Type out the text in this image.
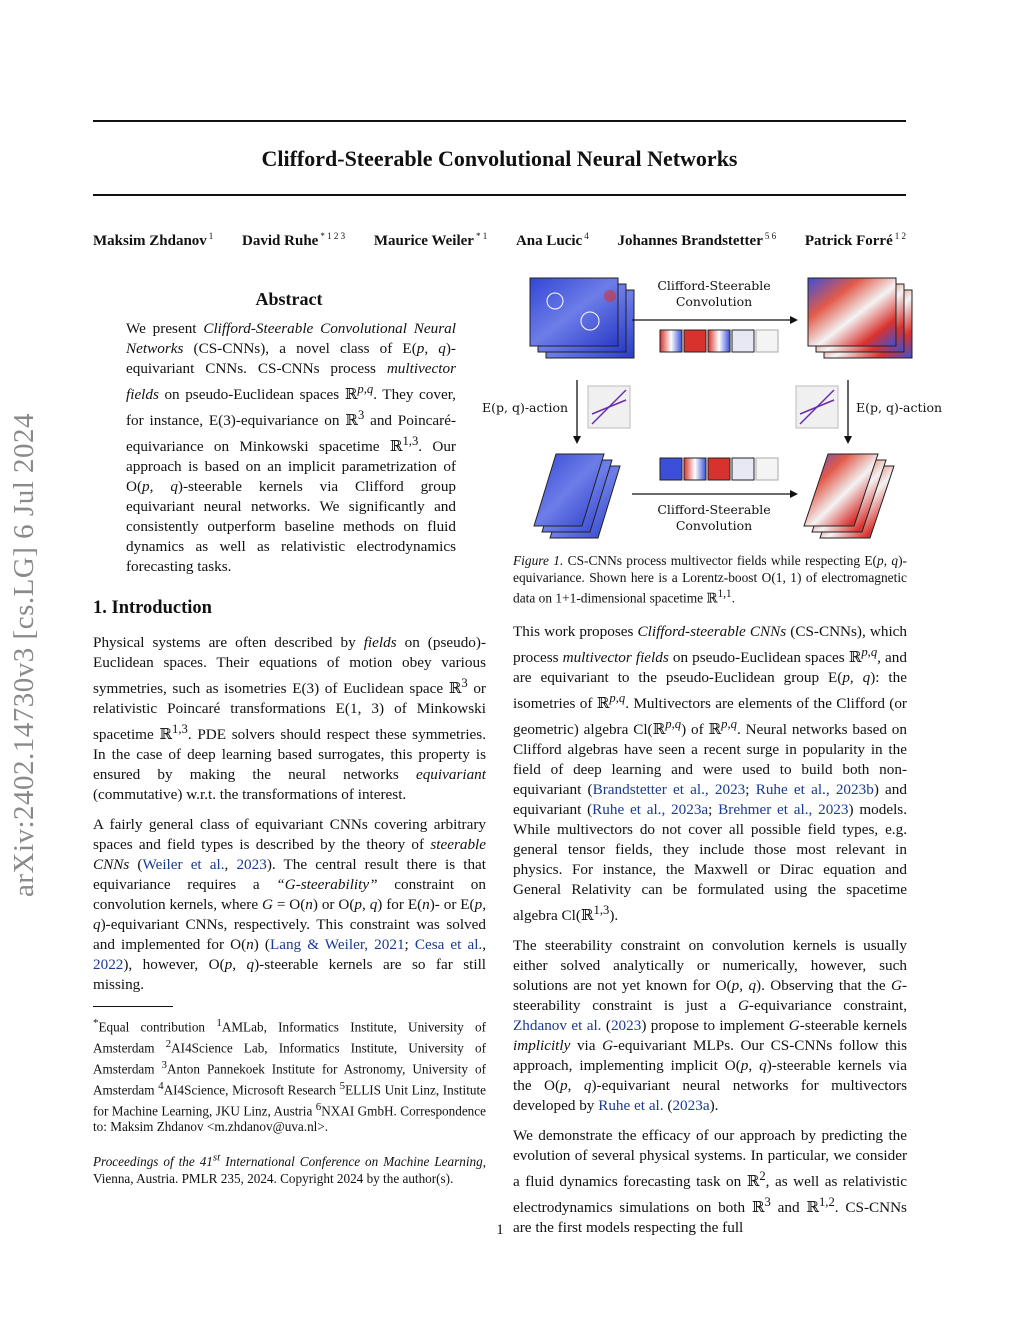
Clifford-Steerable Convolutional Neural Networks
Maksim Zhdanov $^1$ David Ruhe $^{* 1 2 3}$ Maurice Weiler $^{* 1}$ Ana Lucic $^4$ Johannes Brandstetter $^{5 6}$ Patrick Forré $^{1 2}$
arXiv:2402.14730v3 [cs.LG] 6 Jul 2024
Abstract

We present Clifford-Steerable Convolutional Neural Networks (CS-CNNs), a novel class of E(p, q)-equivariant CNNs. CS-CNNs process multivector fields on pseudo-Euclidean spaces ℝ$^{p,q}$. They cover, for instance, E(3)-equivariance on ℝ$^3$ and Poincaré-equivariance on Minkowski spacetime ℝ$^{1,3}$. Our approach is based on an implicit parametrization of O(p, q)-steerable kernels via Clifford group equivariant neural networks. We significantly and consistently outperform baseline methods on fluid dynamics as well as relativistic electrodynamics forecasting tasks.

1. Introduction

Physical systems are often described by fields on (pseudo)-Euclidean spaces. Their equations of motion obey various symmetries, such as isometries E(3) of Euclidean space ℝ$^3$ or relativistic Poincaré transformations E(1, 3) of Minkowski spacetime ℝ$^{1,3}$. PDE solvers should respect these symmetries. In the case of deep learning based surrogates, this property is ensured by making the neural networks equivariant (commutative) w.r.t. the transformations of interest.

A fairly general class of equivariant CNNs covering arbitrary spaces and field types is described by the theory of steerable CNNs (Weiler et al., 2023). The central result there is that equivariance requires a “G-steerability” constraint on convolution kernels, where G = O(n) or O(p, q) for E(n)- or E(p, q)-equivariant CNNs, respectively. This constraint was solved and implemented for O(n) (Lang & Weiler, 2021; Cesa et al., 2022), however, O(p, q)-steerable kernels are so far still missing.

*Equal contribution $^1$AMLab, Informatics Institute, University of Amsterdam $^2$AI4Science Lab, Informatics Institute, University of Amsterdam $^3$Anton Pannekoek Institute for Astronomy, University of Amsterdam $^4$AI4Science, Microsoft Research $^5$ELLIS Unit Linz, Institute for Machine Learning, JKU Linz, Austria $^6$NXAI GmbH. Correspondence to: Maksim Zhdanov <m.zhdanov@uva.nl>.

Proceedings of the 41st International Conference on Machine Learning, Vienna, Austria. PMLR 235, 2024. Copyright 2024 by the author(s).

Clifford-Steerable
Convolution
E(p, q)-action	E(p, q)-action
Clifford-Steerable
Convolution
Figure 1. CS-CNNs process multivector fields while respecting E(p, q)-equivariance. Shown here is a Lorentz-boost O(1, 1) of electromagnetic data on 1+1-dimensional spacetime ℝ$^{1,1}$.

This work proposes Clifford-steerable CNNs (CS-CNNs), which process multivector fields on pseudo-Euclidean spaces ℝ$^{p,q}$, and are equivariant to the pseudo-Euclidean group E(p, q): the isometries of ℝ$^{p,q}$. Multivectors are elements of the Clifford (or geometric) algebra Cl(ℝ$^{p,q}$) of ℝ$^{p,q}$. Neural networks based on Clifford algebras have seen a recent surge in popularity in the field of deep learning and were used to build both non-equivariant (Brandstetter et al., 2023; Ruhe et al., 2023b) and equivariant (Ruhe et al., 2023a; Brehmer et al., 2023) models. While multivectors do not cover all possible field types, e.g. general tensor fields, they include those most relevant in physics. For instance, the Maxwell or Dirac equation and General Relativity can be formulated using the spacetime algebra Cl(ℝ$^{1,3}$).

The steerability constraint on convolution kernels is usually either solved analytically or numerically, however, such solutions are not yet known for O(p, q). Observing that the G-steerability constraint is just a G-equivariance constraint, Zhdanov et al. (2023) propose to implement G-steerable kernels implicitly via G-equivariant MLPs. Our CS-CNNs follow this approach, implementing implicit O(p, q)-steerable kernels via the O(p, q)-equivariant neural networks for multivectors developed by Ruhe et al. (2023a).

We demonstrate the efficacy of our approach by predicting the evolution of several physical systems. In particular, we consider a fluid dynamics forecasting task on ℝ$^2$, as well as relativistic electrodynamics simulations on both ℝ$^3$ and ℝ$^{1,2}$. CS-CNNs are the first models respecting the full

1
